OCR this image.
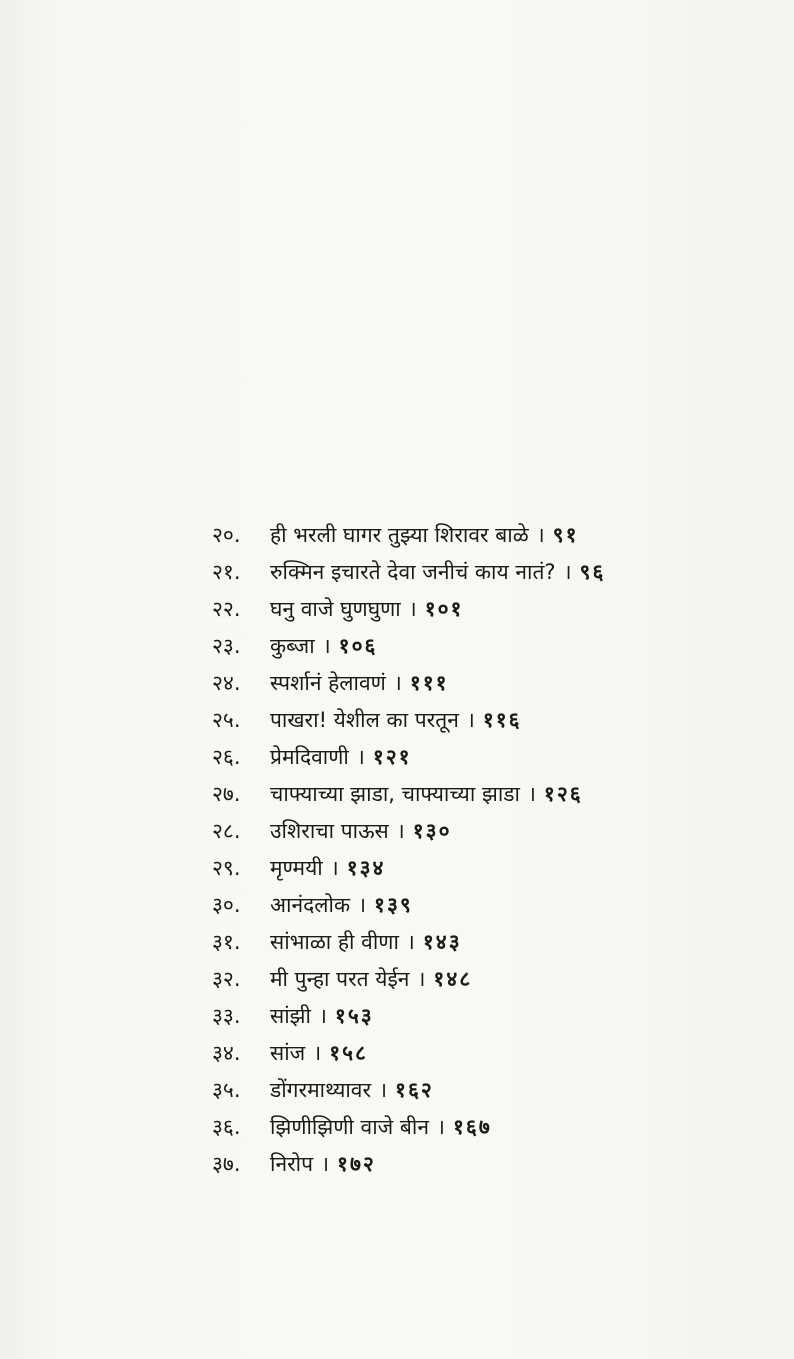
२०. ही भरली घागर तुझ्या शिरावर बाळे । ९१
२१. रुक्मिन इचारते देवा जनीचं काय नातं? । ९६
२२. घनु वाजे घुणघुणा । १०१
२३. कुब्जा । १०६
२४. स्पर्शानं हेलावणं । १११
२५. पाखरा! येशील का परतून । ११६
२६. प्रेमदिवाणी । १२१
२७. चाफ्याच्या झाडा, चाफ्याच्या झाडा । १२६
२८. उशिराचा पाऊस । १३०
२९. मृण्मयी । १३४
३०. आनंदलोक । १३९
३१. सांभाळा ही वीणा । १४३
३२. मी पुन्हा परत येईन । १४८
३३. सांझी । १५३
३४. सांज । १५८
३५. डोंगरमाथ्यावर । १६२
३६. झिणीझिणी वाजे बीन । १६७
३७. निरोप । १७२
